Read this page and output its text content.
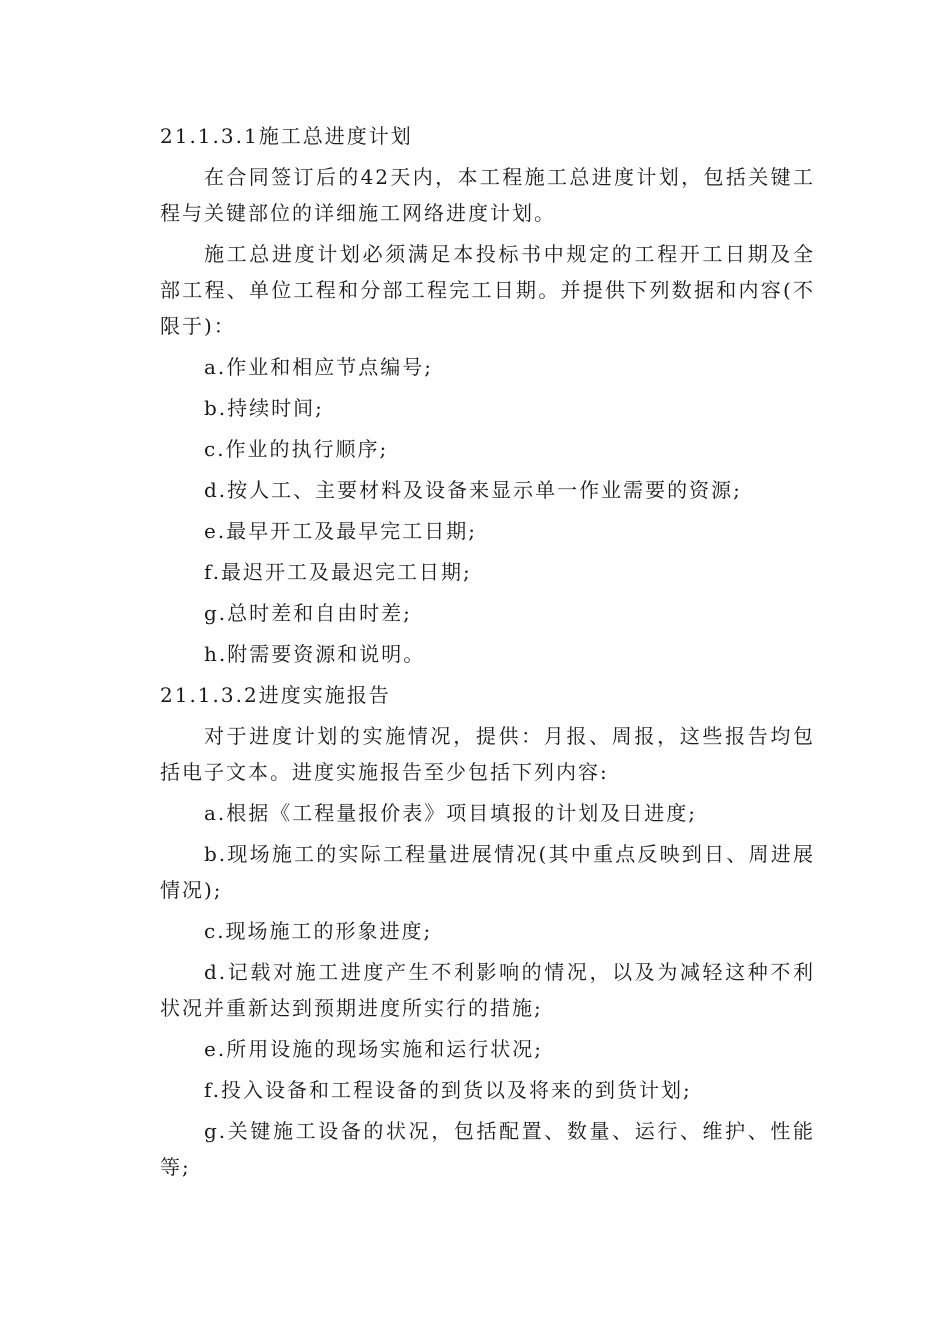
21.1.3.1施工总进度计划
在合同签订后的42天内，本工程施工总进度计划，包括关键工程与关键部位的详细施工网络进度计划。
施工总进度计划必须满足本投标书中规定的工程开工日期及全部工程、单位工程和分部工程完工日期。并提供下列数据和内容(不限于)：
a.作业和相应节点编号;
b.持续时间;
c.作业的执行顺序;
d.按人工、主要材料及设备来显示单一作业需要的资源;
e.最早开工及最早完工日期;
f.最迟开工及最迟完工日期;
g.总时差和自由时差;
h.附需要资源和说明。
21.1.3.2进度实施报告
对于进度计划的实施情况，提供：月报、周报，这些报告均包括电子文本。进度实施报告至少包括下列内容:
a.根据《工程量报价表》项目填报的计划及日进度;
b.现场施工的实际工程量进展情况(其中重点反映到日、周进展情况);
c.现场施工的形象进度;
d.记载对施工进度产生不利影响的情况，以及为减轻这种不利状况并重新达到预期进度所实行的措施;
e.所用设施的现场实施和运行状况;
f.投入设备和工程设备的到货以及将来的到货计划;
g.关键施工设备的状况，包括配置、数量、运行、维护、性能等;
